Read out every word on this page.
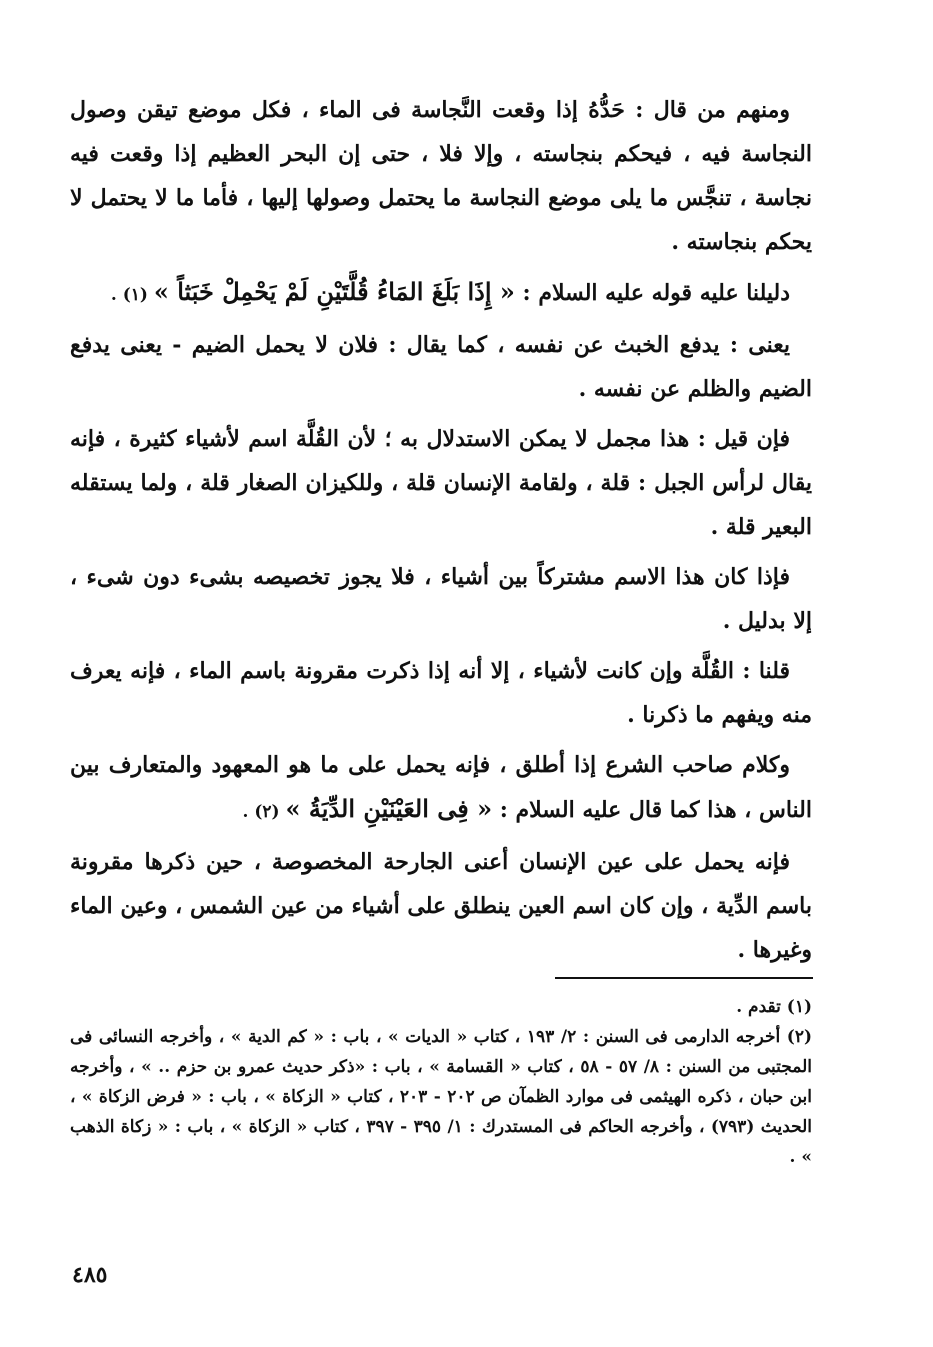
ومنهم من قال : حَدُّهُ إذا وقعت النَّجاسة فى الماء ، فكل موضع تيقن وصول النجاسة فيه ، فيحكم بنجاسته ، وإلا فلا ، حتى إن البحر العظيم إذا وقعت فيه نجاسة ، تنجَّس ما يلى موضع النجاسة ما يحتمل وصولها إليها ، فأما ما لا يحتمل لا يحكم بنجاسته .

دليلنا عليه قوله عليه السلام : « إِذَا بَلَغَ المَاءُ قُلَّتَيْنِ لَمْ يَحْمِلْ خَبَثاً » (١) .

يعنى : يدفع الخبث عن نفسه ، كما يقال : فلان لا يحمل الضيم - يعنى يدفع الضيم والظلم عن نفسه .

فإن قيل : هذا مجمل لا يمكن الاستدلال به ؛ لأن القُلَّة اسم لأشياء كثيرة ، فإنه يقال لرأس الجبل : قلة ، ولقامة الإنسان قلة ، وللكيزان الصغار قلة ، ولما يستقله البعير قلة .

فإذا كان هذا الاسم مشتركاً بين أشياء ، فلا يجوز تخصيصه بشىء دون شىء ، إلا بدليل .

قلنا : القُلَّة وإن كانت لأشياء ، إلا أنه إذا ذكرت مقرونة باسم الماء ، فإنه يعرف منه ويفهم ما ذكرنا .

وكلام صاحب الشرع إذا أطلق ، فإنه يحمل على ما هو المعهود والمتعارف بين الناس ، هذا كما قال عليه السلام : « فِى العَيْنَيْنِ الدِّيَةُ » (٢) .

فإنه يحمل على عين الإنسان أعنى الجارحة المخصوصة ، حين ذكرها مقرونة باسم الدِّية ، وإن كان اسم العين ينطلق على أشياء من عين الشمس ، وعين الماء وغيرها .

(١) تقدم .

(٢) أخرجه الدارمى فى السنن : ٢/ ١٩٣ ، كتاب « الديات » ، باب : « كم الدية » ، وأخرجه النسائى فى المجتبى من السنن : ٨/ ٥٧ - ٥٨ ، كتاب « القسامة » ، باب : «ذكر حديث عمرو بن حزم .. » ، وأخرجه ابن حبان ، ذكره الهيثمى فى موارد الظمآن ص ٢٠٢ - ٢٠٣ ، كتاب « الزكاة » ، باب : « فرض الزكاة » ، الحديث (٧٩٣) ، وأخرجه الحاكم فى المستدرك : ١/ ٣٩٥ - ٣٩٧ ، كتاب « الزكاة » ، باب : « زكاة الذهب » .

٤٨٥
